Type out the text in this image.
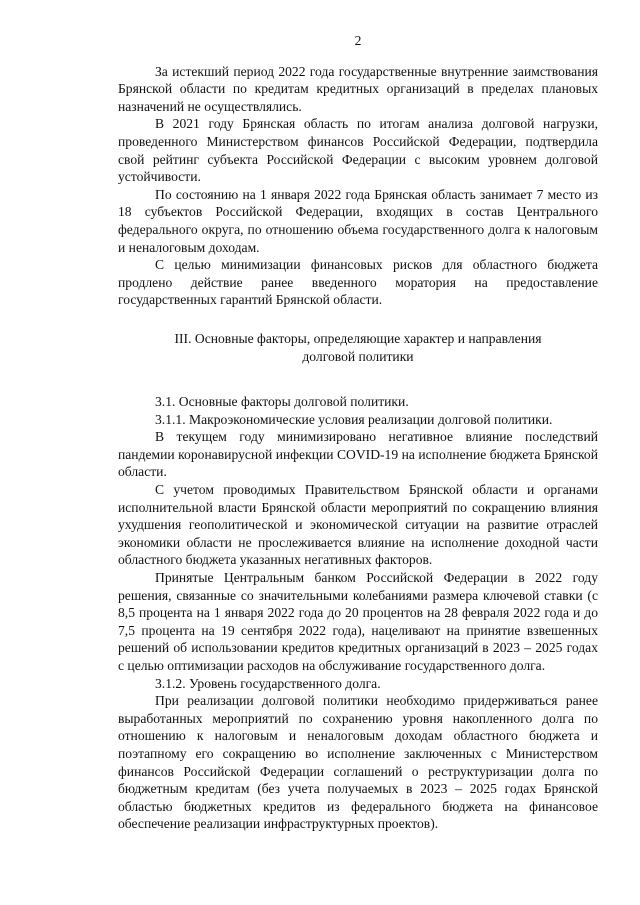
2

За истекший период 2022 года государственные внутренние заимствования Брянской области по кредитам кредитных организаций в пределах плановых назначений не осуществлялись.

В 2021 году Брянская область по итогам анализа долговой нагрузки, проведенного Министерством финансов Российской Федерации, подтвердила свой рейтинг субъекта Российской Федерации с высоким уровнем долговой устойчивости.

По состоянию на 1 января 2022 года Брянская область занимает 7 место из 18 субъектов Российской Федерации, входящих в состав Центрального федерального округа, по отношению объема государственного долга к налоговым и неналоговым доходам.

С целью минимизации финансовых рисков для областного бюджета продлено действие ранее введенного моратория на предоставление государственных гарантий Брянской области.

III. Основные факторы, определяющие характер и направления
долговой политики

3.1. Основные факторы долговой политики.

3.1.1. Макроэкономические условия реализации долговой политики.

В текущем году минимизировано негативное влияние последствий пандемии коронавирусной инфекции COVID-19 на исполнение бюджета Брянской области.

С учетом проводимых Правительством Брянской области и органами исполнительной власти Брянской области мероприятий по сокращению влияния ухудшения геополитической и экономической ситуации на развитие отраслей экономики области не прослеживается влияние на исполнение доходной части областного бюджета указанных негативных факторов.

Принятые Центральным банком Российской Федерации в 2022 году решения, связанные со значительными колебаниями размера ключевой ставки (с 8,5 процента на 1 января 2022 года до 20 процентов на 28 февраля 2022 года и до 7,5 процента на 19 сентября 2022 года), нацеливают на принятие взвешенных решений об использовании кредитов кредитных организаций в 2023 – 2025 годах с целью оптимизации расходов на обслуживание государственного долга.

3.1.2. Уровень государственного долга.

При реализации долговой политики необходимо придерживаться ранее выработанных мероприятий по сохранению уровня накопленного долга по отношению к налоговым и неналоговым доходам областного бюджета и поэтапному его сокращению во исполнение заключенных с Министерством финансов Российской Федерации соглашений о реструктуризации долга по бюджетным кредитам (без учета получаемых в 2023 – 2025 годах Брянской областью бюджетных кредитов из федерального бюджета на финансовое обеспечение реализации инфраструктурных проектов).
